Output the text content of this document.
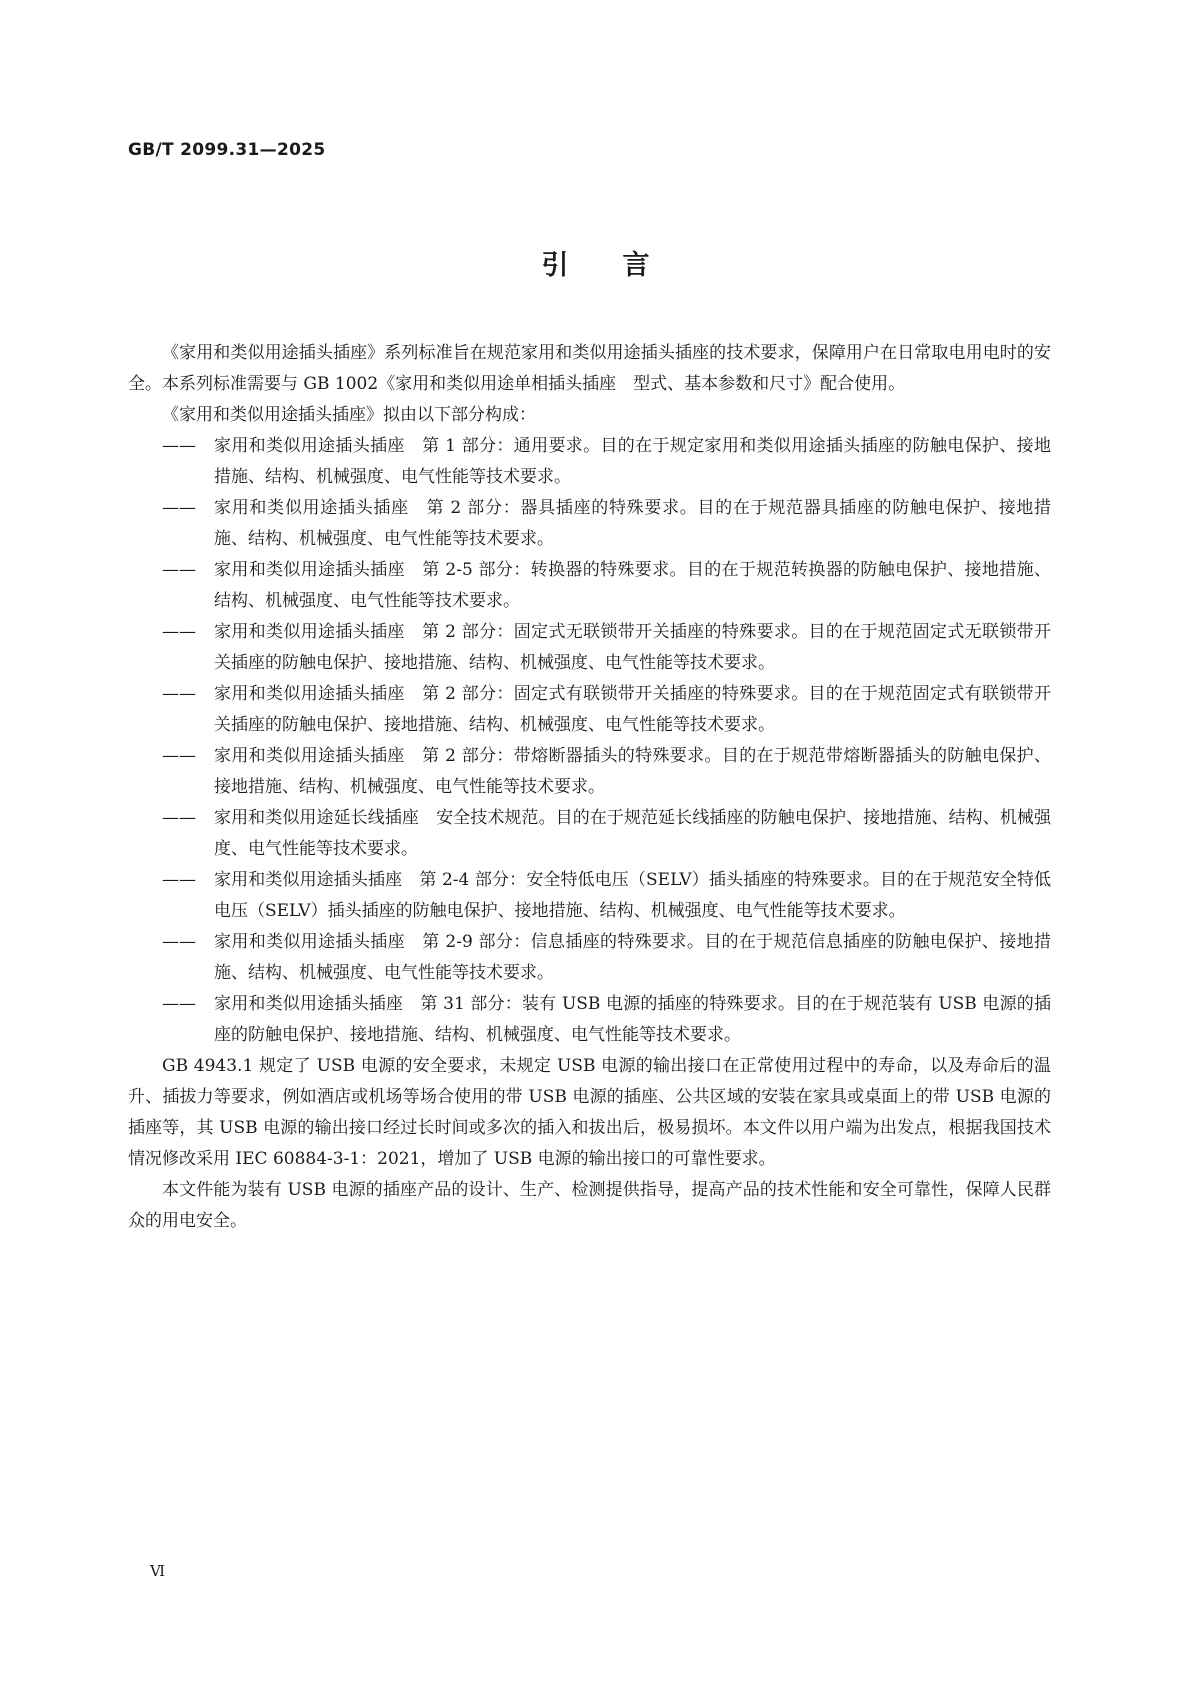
GB/T 2099.31—2025

引言

《家用和类似用途插头插座》系列标准旨在规范家用和类似用途插头插座的技术要求，保障用户在日常取电用电时的安全。本系列标准需要与 GB 1002《家用和类似用途单相插头插座　型式、基本参数和尺寸》配合使用。

《家用和类似用途插头插座》拟由以下部分构成：

——	家用和类似用途插头插座　第 1 部分：通用要求。目的在于规定家用和类似用途插头插座的防触电保护、接地措施、结构、机械强度、电气性能等技术要求。
——	家用和类似用途插头插座　第 2 部分：器具插座的特殊要求。目的在于规范器具插座的防触电保护、接地措施、结构、机械强度、电气性能等技术要求。
——	家用和类似用途插头插座　第 2-5 部分：转换器的特殊要求。目的在于规范转换器的防触电保护、接地措施、结构、机械强度、电气性能等技术要求。
——	家用和类似用途插头插座　第 2 部分：固定式无联锁带开关插座的特殊要求。目的在于规范固定式无联锁带开关插座的防触电保护、接地措施、结构、机械强度、电气性能等技术要求。
——	家用和类似用途插头插座　第 2 部分：固定式有联锁带开关插座的特殊要求。目的在于规范固定式有联锁带开关插座的防触电保护、接地措施、结构、机械强度、电气性能等技术要求。
——	家用和类似用途插头插座　第 2 部分：带熔断器插头的特殊要求。目的在于规范带熔断器插头的防触电保护、接地措施、结构、机械强度、电气性能等技术要求。
——	家用和类似用途延长线插座　安全技术规范。目的在于规范延长线插座的防触电保护、接地措施、结构、机械强度、电气性能等技术要求。
——	家用和类似用途插头插座　第 2-4 部分：安全特低电压（SELV）插头插座的特殊要求。目的在于规范安全特低电压（SELV）插头插座的防触电保护、接地措施、结构、机械强度、电气性能等技术要求。
——	家用和类似用途插头插座　第 2-9 部分：信息插座的特殊要求。目的在于规范信息插座的防触电保护、接地措施、结构、机械强度、电气性能等技术要求。
——	家用和类似用途插头插座　第 31 部分：装有 USB 电源的插座的特殊要求。目的在于规范装有 USB 电源的插座的防触电保护、接地措施、结构、机械强度、电气性能等技术要求。

GB 4943.1 规定了 USB 电源的安全要求，未规定 USB 电源的输出接口在正常使用过程中的寿命，以及寿命后的温升、插拔力等要求，例如酒店或机场等场合使用的带 USB 电源的插座、公共区域的安装在家具或桌面上的带 USB 电源的插座等，其 USB 电源的输出接口经过长时间或多次的插入和拔出后，极易损坏。本文件以用户端为出发点，根据我国技术情况修改采用 IEC 60884-3-1：2021，增加了 USB 电源的输出接口的可靠性要求。

本文件能为装有 USB 电源的插座产品的设计、生产、检测提供指导，提高产品的技术性能和安全可靠性，保障人民群众的用电安全。

Ⅵ
